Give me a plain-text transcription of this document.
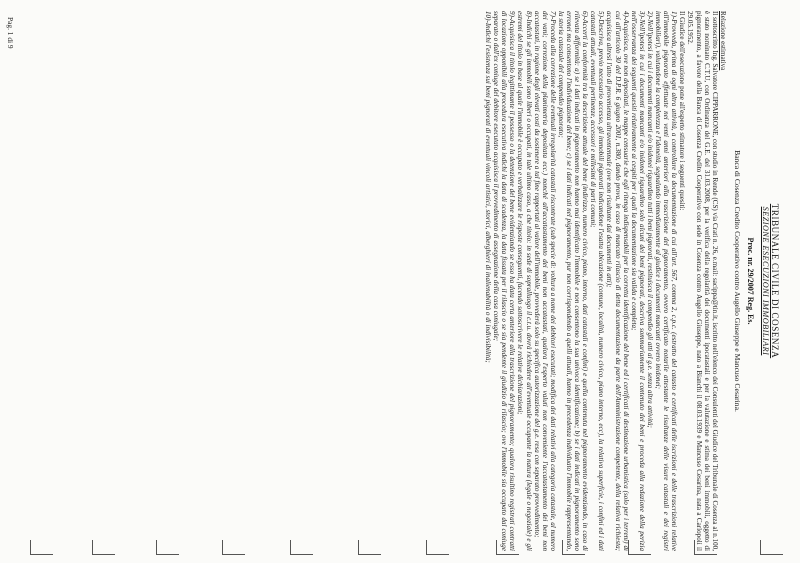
TRIBUNALE CIVILE DI COSENZA
SEZIONE ESECUZIONI IMMOBILIARI
Proc. nr. 29/2007 Reg. Es.
Banca di Cosenza Credito Cooperativo contro Augello Giuseppe e Mancuso Cesarina.
Relazione estimativa

Il sottoscritto Ing. Salvatore CIPPARRONE, con studio in Rende (CS) via Crati n. 26, e.mail: sacippa@tin.it, iscritto nell'elenco dei Consulenti del Giudice del Tribunale di Cosenza al n.100, è stato nominato C.T.U, con Ordinanza del G.E. del 31.03.2008, per la verifica della regolarità dei documenti ipocatastali e per la valutazione e stima dei beni immobili, oggetto di pignoramento, a favore della Banca di Cosenza Credito Cooperativo con sede in Cosenza contro Augello Giuseppe, nato a Bianchi il 08.03.1939 e Mancuso Cesarina, nata a Carlopoli il 29.05.1952.

Il Giudice dell'esecuzione pone all'esperto stimatore i seguenti quesiti:

1)-Provveda, prima di ogni altra attività, a controllare la documentazione di cui all'art. 567, comma 2, c.p.c. (estratto del catasto e certificati delle iscrizioni e delle trascrizioni relative all'immobile pignorato effettuate nei venti anni anteriori alla trascrizione del pignoramento, ovvero certificato notarile attestante le risultanze delle visure catastali e dei registri immobiliari), valutandone la completezza e l'idoneità, segnalando immediatamente al giudice i documenti mancanti ovvero inidonei;

2)-Nell'ipotesi in cui i documenti mancanti e/o inidonei riguardino tutti i beni pignorati, restituisca il compendio gli atti al g.e. senza altra attività;

3)-Nell'ipotesi in cui i documenti mancanti e/o inidonei riguardino solo alcuni dei beni pignorati, descriva sommariamente il contenuto dei beni e proceda alla redazione della perizia nell'osservanza dei seguenti quesiti relativamente ai cespiti per i quali la documentazione sia valida e completa;

4)-Acquisisca, ove non depositati, le mappe censuarie che egli ritenga indispensabili per la corretta identificazione del bene ed i certificati di destinazione urbanistica (solo per i terreni) di cui all'articolo 30 del D.P.R. 6 giugno 2001, n.380, dando prova, in caso di mancato rilascio di detta documentazione da parte dell'Amministrazione competente, della relativa richiesta; acquisisca altresì l'atto di provenienza ultraventennale (ove non risultante dai documenti in atti);

5)-Descriva, previo necessario accesso, gli immobili pignorati indicandone l'esatta ubicazione (comune, località, numero civico, piano interno, ecc), la relativa superficie, i confini ed i dati catastali attuali, eventuali pertinenze, accessori e millesimi di parti comuni;

6)-Accerti la conformità tra la descrizione attuale del bene (indirizzo, numero civico, piano, interno, dati catastali e confini) e quella contenuta nel pignoramento evidenziando, in caso di rilevata difformità: a) se i dati indicati in pignoramento non hanno mai identificato l'immobile e non consentono la sua univoca identificazione; b) se i dati indicati in pignoramento sono erronei ma consentono l'individuazione del bene; c) se i dati indicati nel pignoramento, pur non corrispondendo a quelli attuali, hanno in precedenza individuato l'immobile rappresentando, la storia catastale del compendio pignorato;

7)-Proceda alla correzione delle eventuali irregolarità catastali riscontrate (sub specie di: voltura a nome dei debitori esecutati; modifica dei dati relativi alla categoria catastale, al numero dei vani; correzione della planimetria depositata ecc.) nonché all'accatastamento dei beni non accatastati, qualora l'esperto valuti non conveniente l'accatastamento dei beni non accatastati, in ragione degli elevati costi da sostenere a tal fine rapportati al valore dell'immobile, provvederà solo su specifica autorizzazione del g.e. resa con separato provvedimento;

8)-Indichi se gli immobili sono liberi o occupati, in tale ultimo caso, a che titolo: in sede di sopralluogo il c.t.u. dovrà richiedere all'eventuale occupante la natura (legale o negoziale) e gli estremi del titolo in base al quale l'immobile è occupato e verbalizzare le risposte conseguenti, facendo sottoscrivere le relative dichiarazioni;

9)-Acquisisca il titolo legittimante il possesso o la detenzione del bene evidenziando se esso ha data certa anteriore alla trascrizione del pignoramento; qualora risultino registrati contratti di locazione opponibili alla procedura esecutiva indichi la data di scadenza, la data fissata per il rilascio o se sia pendente il giudizio di rilascio; ove l'immobile sia occupato dal coniuge separato o dall'ex coniuge del debitore esecutato acquisisca il provvedimento di assegnazione della casa coniugale;

10)-Indichi l'esistenza sui beni pignorati di eventuali vincoli artistici, storici, alberghieri di inalienabilità o di indivisibilità;

Pag. 1 di 9
